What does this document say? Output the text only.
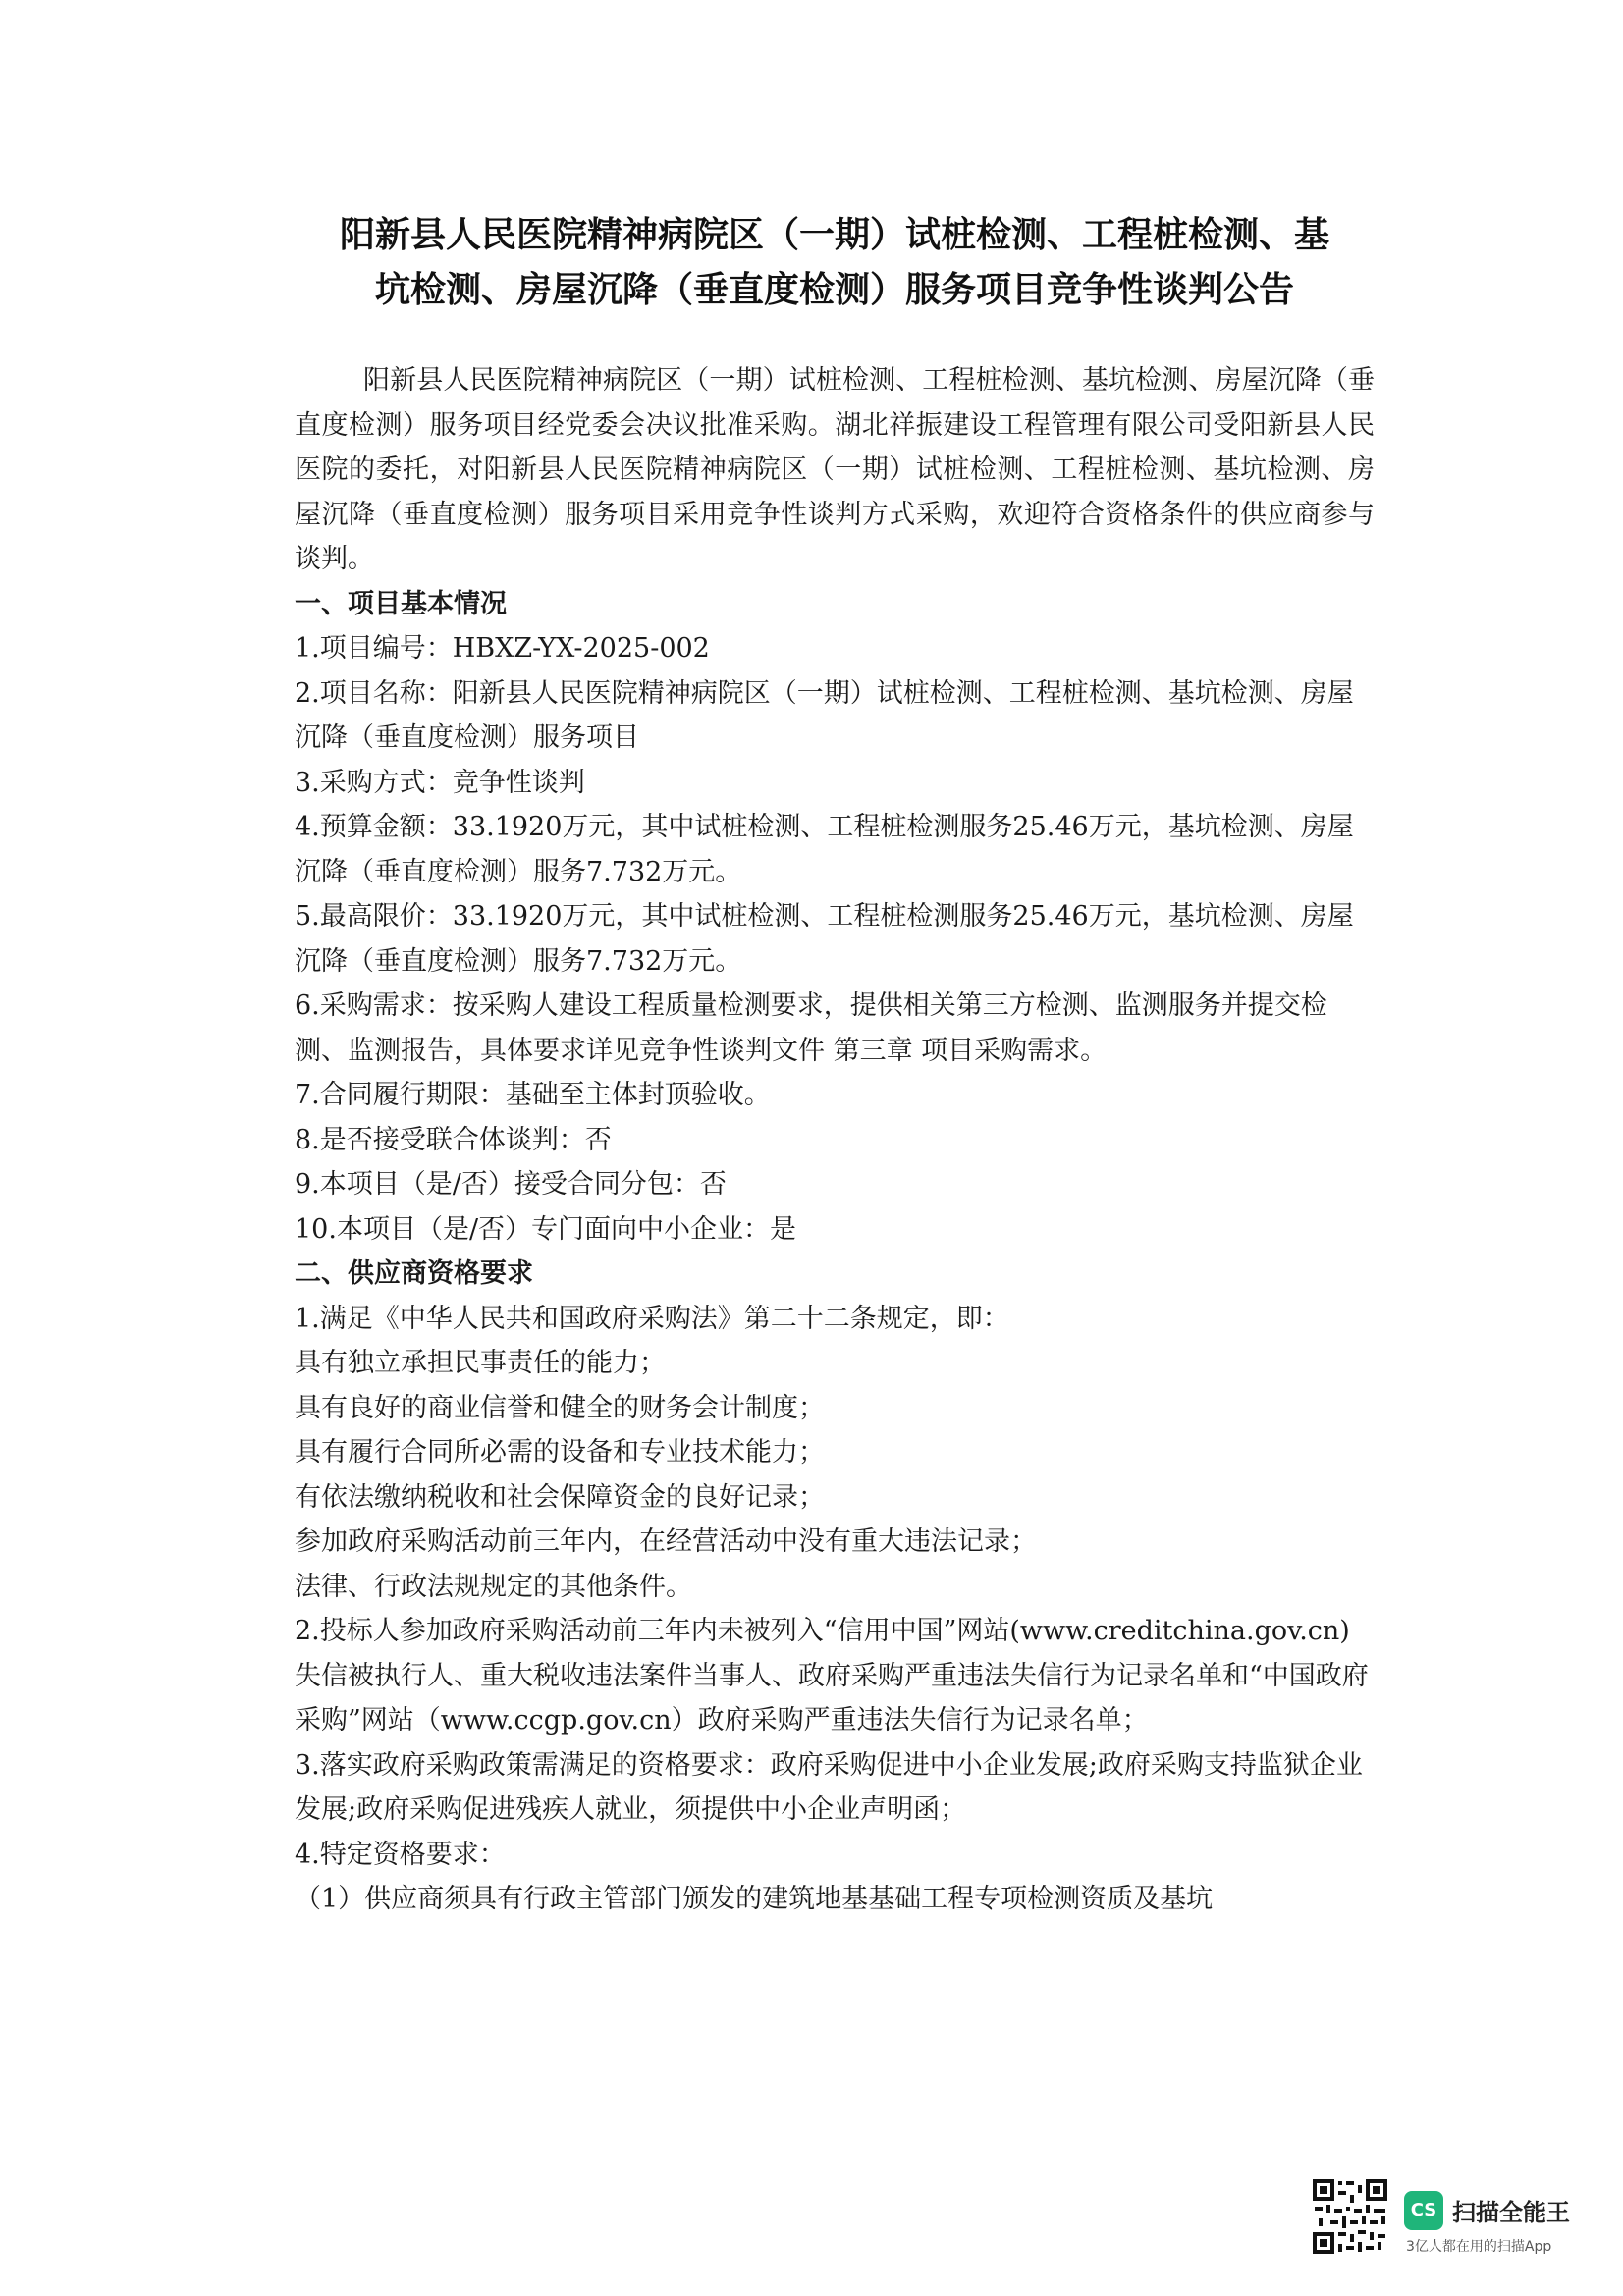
阳新县人民医院精神病院区（一期）试桩检测、工程桩检测、基
坑检测、房屋沉降（垂直度检测）服务项目竞争性谈判公告

阳新县人民医院精神病院区（一期）试桩检测、工程桩检测、基坑检测、房屋沉降（垂直度检测）服务项目经党委会决议批准采购。湖北祥振建设工程管理有限公司受阳新县人民医院的委托，对阳新县人民医院精神病院区（一期）试桩检测、工程桩检测、基坑检测、房屋沉降（垂直度检测）服务项目采用竞争性谈判方式采购，欢迎符合资格条件的供应商参与谈判。

一、项目基本情况

1.项目编号：HBXZ-YX-2025-002

2.项目名称：阳新县人民医院精神病院区（一期）试桩检测、工程桩检测、基坑检测、房屋沉降（垂直度检测）服务项目

3.采购方式：竞争性谈判

4.预算金额：33.1920万元，其中试桩检测、工程桩检测服务25.46万元，基坑检测、房屋沉降（垂直度检测）服务7.732万元。

5.最高限价：33.1920万元，其中试桩检测、工程桩检测服务25.46万元，基坑检测、房屋沉降（垂直度检测）服务7.732万元。

6.采购需求：按采购人建设工程质量检测要求，提供相关第三方检测、监测服务并提交检测、监测报告，具体要求详见竞争性谈判文件 第三章 项目采购需求。

7.合同履行期限：基础至主体封顶验收。

8.是否接受联合体谈判：否

9.本项目（是/否）接受合同分包：否

10.本项目（是/否）专门面向中小企业：是

二、供应商资格要求

1.满足《中华人民共和国政府采购法》第二十二条规定，即：

具有独立承担民事责任的能力；

具有良好的商业信誉和健全的财务会计制度；

具有履行合同所必需的设备和专业技术能力；

有依法缴纳税收和社会保障资金的良好记录；

参加政府采购活动前三年内，在经营活动中没有重大违法记录；

法律、行政法规规定的其他条件。

2.投标人参加政府采购活动前三年内未被列入“信用中国”网站(www.creditchina.gov.cn)失信被执行人、重大税收违法案件当事人、政府采购严重违法失信行为记录名单和“中国政府采购”网站（www.ccgp.gov.cn）政府采购严重违法失信行为记录名单；

3.落实政府采购政策需满足的资格要求：政府采购促进中小企业发展;政府采购支持监狱企业发展;政府采购促进残疾人就业，须提供中小企业声明函；

4.特定资格要求：

（1）供应商须具有行政主管部门颁发的建筑地基基础工程专项检测资质及基坑

CS 扫描全能王
3亿人都在用的扫描App
